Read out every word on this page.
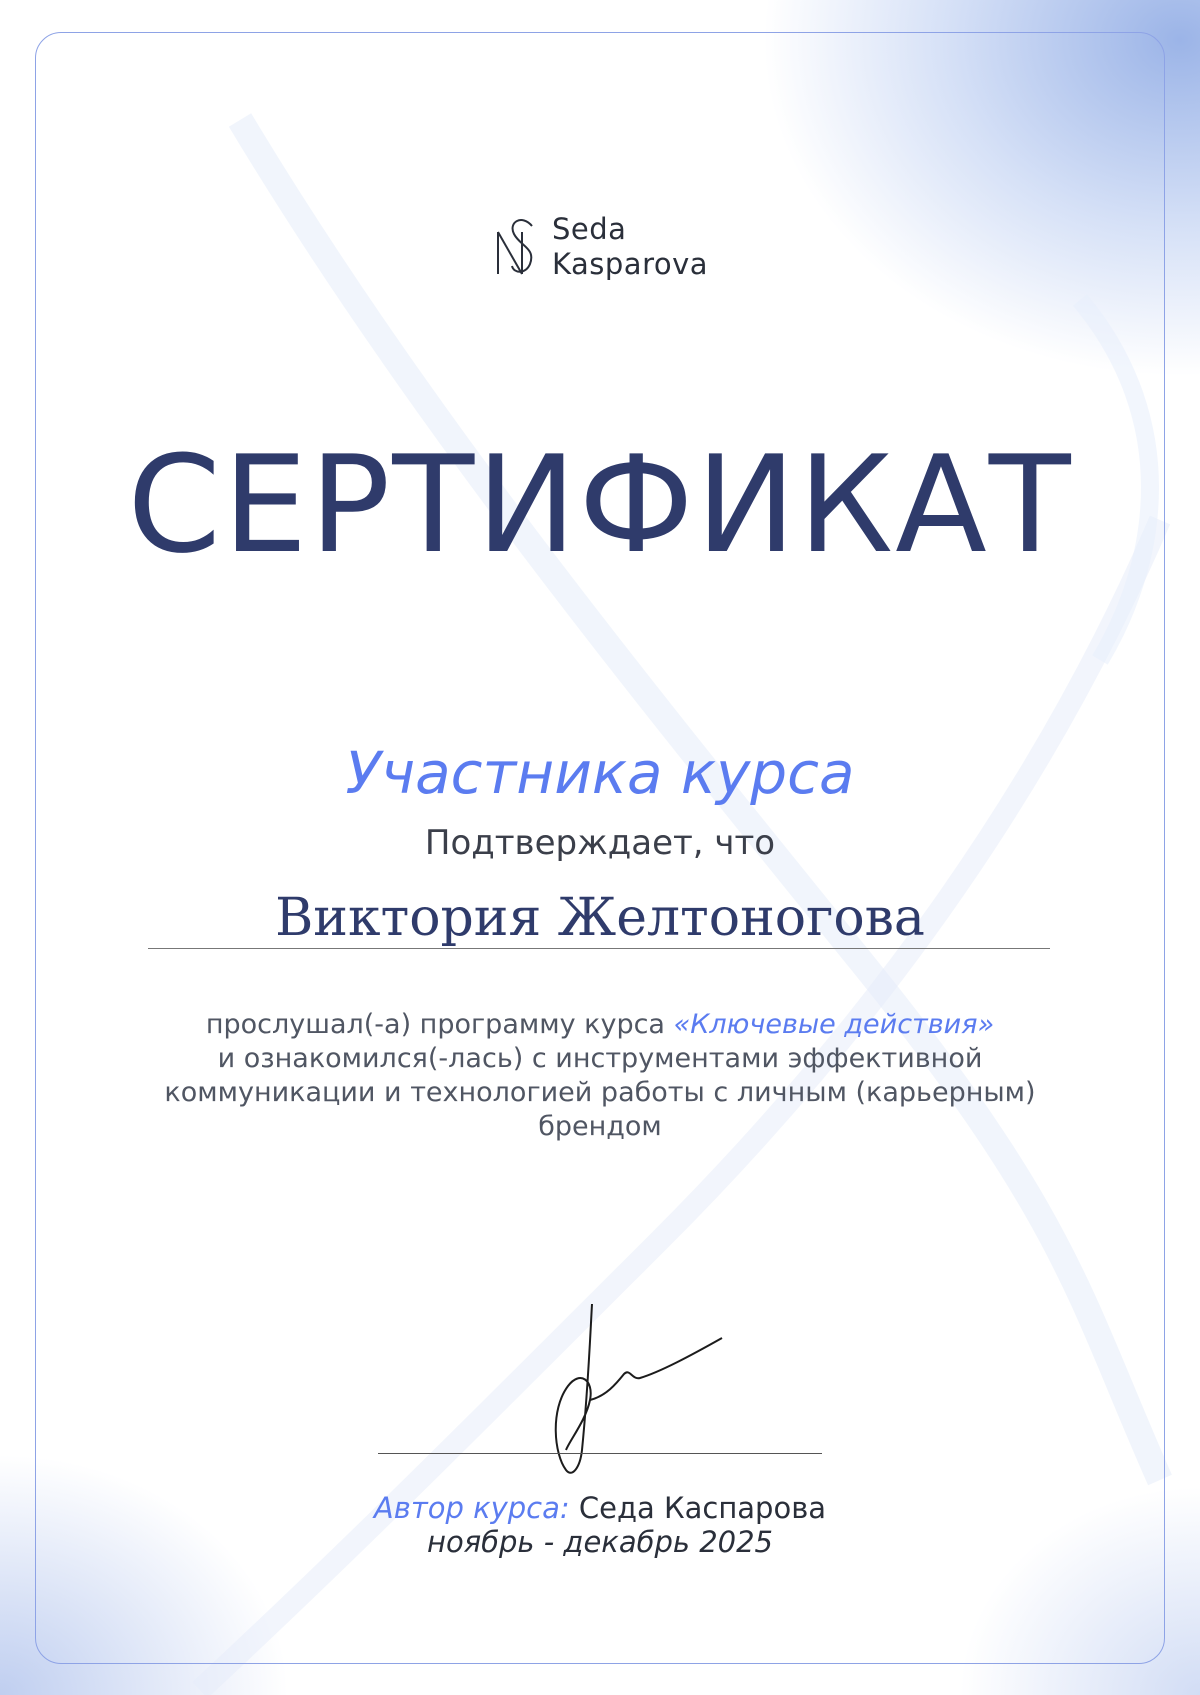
Seda
Kasparova
СЕРТИФИКАТ
Участника курса
Подтверждает, что
Виктория Желтоногова
прослушал(-а) программу курса «Ключевые действия»
и ознакомился(-лась) с инструментами эффективной
коммуникации и технологией работы с личным (карьерным)
брендом
Автор курса: Седа Каспарова
ноябрь - декабрь 2025
